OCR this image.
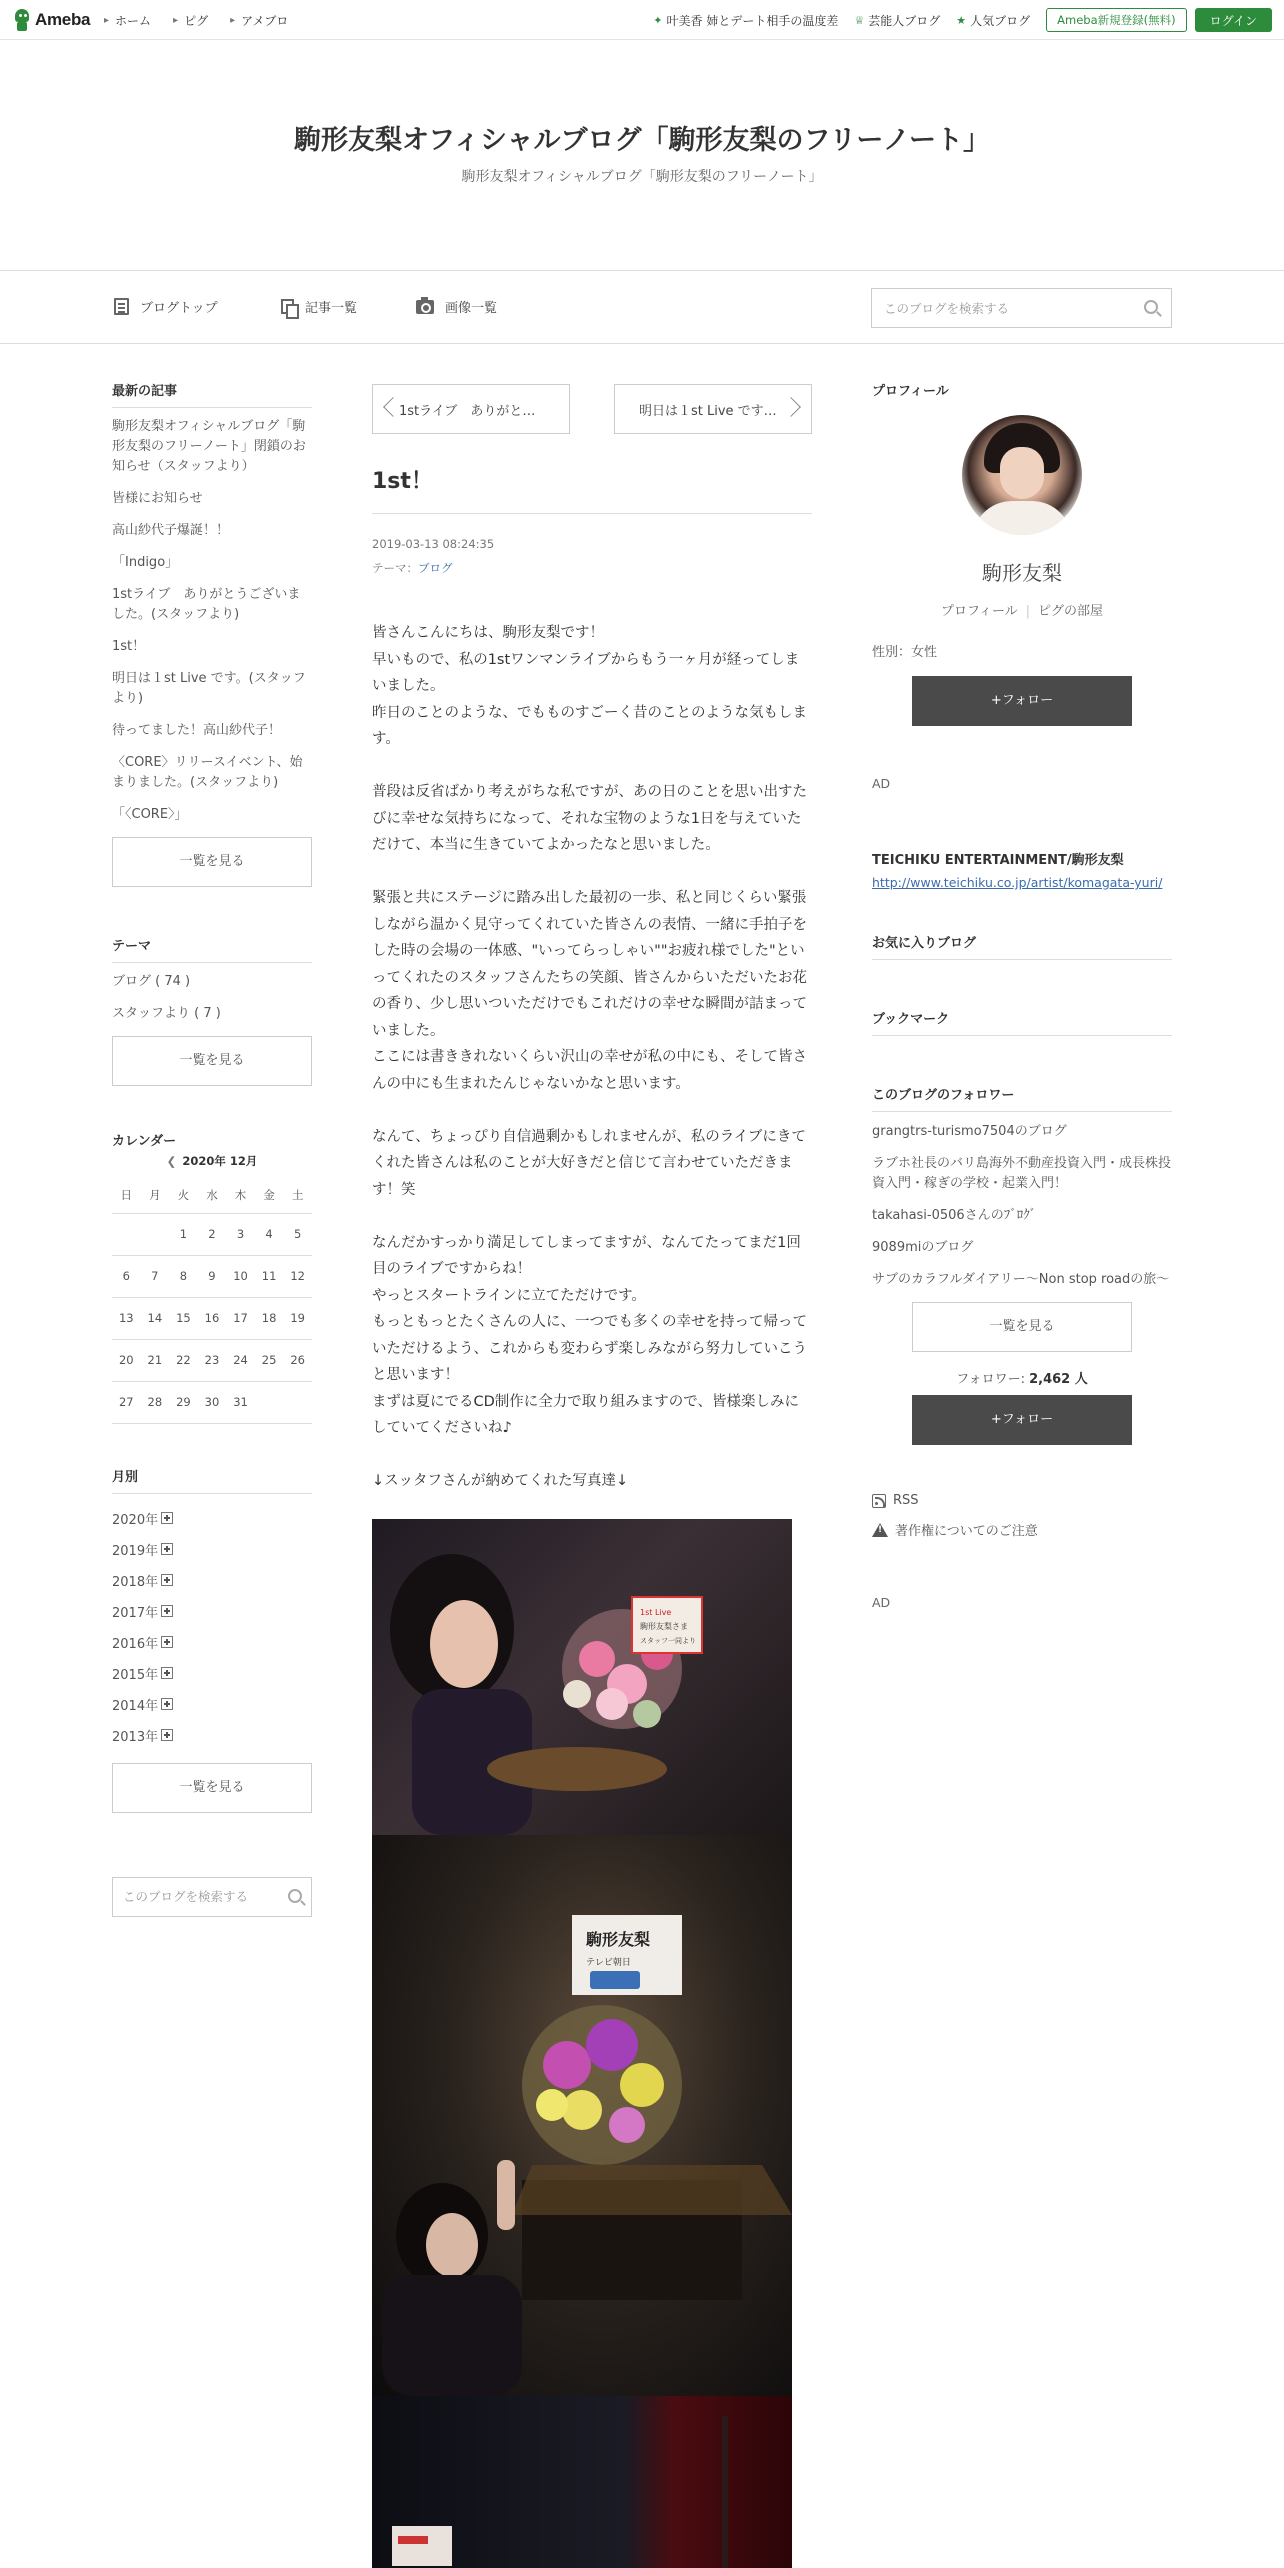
Ameba ▸ ホーム ▸ ピグ ▸ アメブロ	✦ 叶美香 姉とデート相手の温度差 ♕ 芸能人ブログ ★ 人気ブログ	Ameba新規登録(無料)	ログイン
駒形友梨オフィシャルブログ「駒形友梨のフリーノート」
駒形友梨オフィシャルブログ「駒形友梨のフリーノート」
ブログトップ	記事一覧	画像一覧
このブログを検索する
最新の記事
駒形友梨オフィシャルブログ「駒形友梨のフリーノート」閉鎖のお知らせ（スタッフより）
皆様にお知らせ
高山紗代子爆誕！！
「Indigo」
1stライブ　ありがとうございました。(スタッフより)
1st！
明日は１st Live です。(スタッフより)
待ってました！高山紗代子！
〈CORE〉リリースイベント、始まりました。(スタッフより)
「〈CORE〉」
一覧を見る
テーマ
ブログ ( 74 )
スタッフより ( 7 )
一覧を見る
カレンダー
❮ 2020年 12月
日	月	火	水	木	金	土
		1	2	3	4	5
6	7	8	9	10	11	12
13	14	15	16	17	18	19
20	21	22	23	24	25	26
27	28	29	30	31		
月別
2020年
2019年
2018年
2017年
2016年
2015年
2014年
2013年
一覧を見る
このブログを検索する
1stライブ　ありがと…	明日は１st Live です…
1st！
2019-03-13 08:24:35
テーマ：ブログ

皆さんこんにちは、駒形友梨です！
早いもので、私の1stワンマンライブからもう一ヶ月が経ってしまいました。
昨日のことのような、でもものすごーく昔のことのような気もします。

普段は反省ばかり考えがちな私ですが、あの日のことを思い出すたびに幸せな気持ちになって、それな宝物のような1日を与えていただけて、本当に生きていてよかったなと思いました。

緊張と共にステージに踏み出した最初の一歩、私と同じくらい緊張しながら温かく見守ってくれていた皆さんの表情、一緒に手拍子をした時の会場の一体感、"いってらっしゃい""お疲れ様でした"といってくれたのスタッフさんたちの笑顔、皆さんからいただいたお花の香り、少し思いついただけでもこれだけの幸せな瞬間が詰まっていました。
ここには書ききれないくらい沢山の幸せが私の中にも、そして皆さんの中にも生まれたんじゃないかなと思います。

なんて、ちょっぴり自信過剰かもしれませんが、私のライブにきてくれた皆さんは私のことが大好きだと信じて言わせていただきます！笑

なんだかすっかり満足してしまってますが、なんてたってまだ1回目のライブですからね！
やっとスタートラインに立てただけです。
もっともっとたくさんの人に、一つでも多くの幸せを持って帰っていただけるよう、これからも変わらず楽しみながら努力していこうと思います！
まずは夏にでるCD制作に全力で取り組みますので、皆様楽しみにしていてくださいね♪

↓スッタフさんが納めてくれた写真達↓

1st Live
駒形友梨さま
スタッフ一同より
駒形友梨
テレビ朝日
プロフィール
駒形友梨
プロフィール | ピグの部屋
性別：女性
+フォロー
AD
TEICHIKU ENTERTAINMENT/駒形友梨
http://www.teichiku.co.jp/artist/komagata-yuri/
お気に入りブログ
ブックマーク
このブログのフォロワー
grangtrs-turismo7504のブログ
ラブホ社長のバリ島海外不動産投資入門・成長株投資入門・稼ぎの学校・起業入門！
takahasi-0506さんのﾌﾞﾛｸﾞ
9089miのブログ
サブのカラフルダイアリー～Non stop roadの旅～
一覧を見る
フォロワー: 2,462 人
+フォロー
RSS
!
著作権についてのご注意
AD
